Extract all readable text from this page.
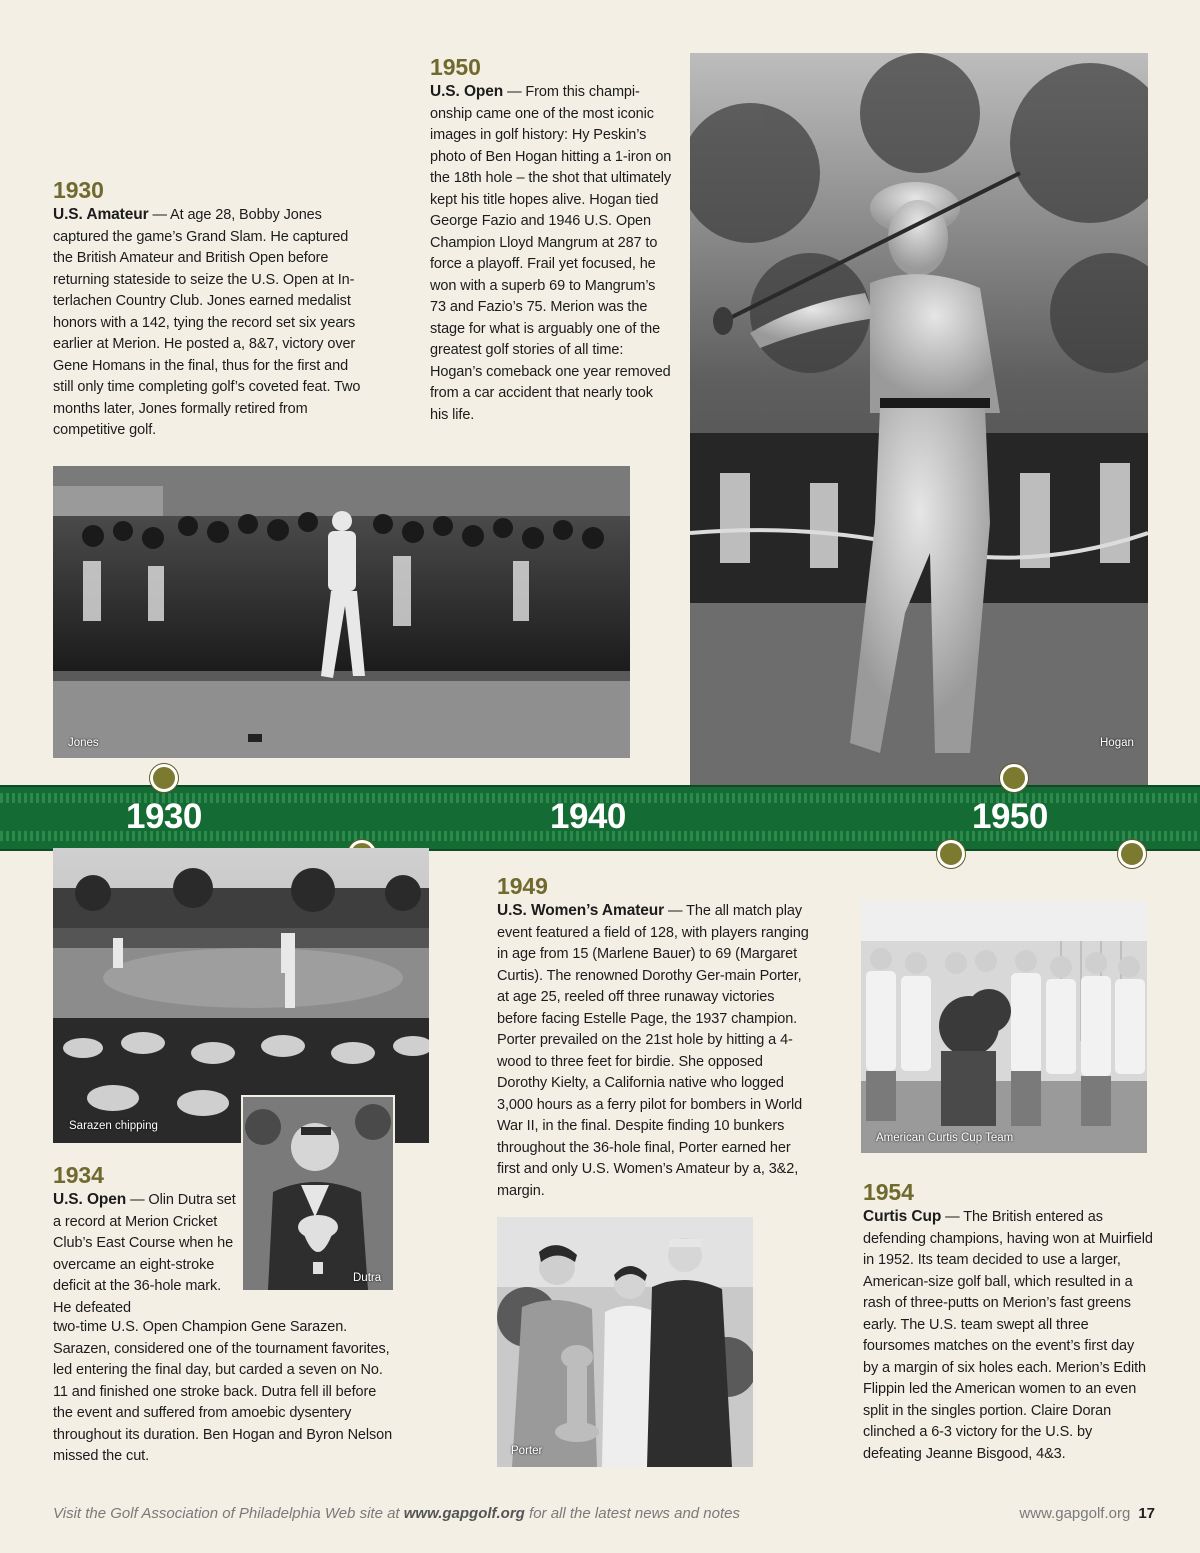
1930
U.S. Amateur — At age 28, Bobby Jones captured the game’s Grand Slam. He captured the British Amateur and British Open before returning stateside to seize the U.S. Open at In-terlachen Country Club. Jones earned medalist honors with a 142, tying the record set six years earlier at Merion. He posted a, 8&7, victory over Gene Homans in the final, thus for the first and still only time completing golf’s coveted feat. Two months later, Jones formally retired from competitive golf.
1950
U.S. Open — From this champi-onship came one of the most iconic images in golf history: Hy Peskin’s photo of Ben Hogan hitting a 1-iron on the 18th hole – the shot that ultimately kept his title hopes alive. Hogan tied George Fazio and 1946 U.S. Open Champion Lloyd Mangrum at 287 to force a playoff. Frail yet focused, he won with a superb 69 to Mangrum’s 73 and Fazio’s 75. Merion was the stage for what is arguably one of the greatest golf stories of all time: Hogan’s comeback one year removed from a car accident that nearly took his life.
Jones	Hogan
1930	1940	1950
Sarazen chipping
Dutra
1934
U.S. Open — Olin Dutra set a record at Merion Cricket Club’s East Course when he overcame an eight-stroke deficit at the 36-hole mark. He defeated
two-time U.S. Open Champion Gene Sarazen. Sarazen, considered one of the tournament favorites, led entering the final day, but carded a seven on No. 11 and finished one stroke back. Dutra fell ill before the event and suffered from amoebic dysentery throughout its duration. Ben Hogan and Byron Nelson missed the cut.
1949
U.S. Women’s Amateur — The all match play event featured a field of 128, with players ranging in age from 15 (Marlene Bauer) to 69 (Margaret Curtis). The renowned Dorothy Ger-main Porter, at age 25, reeled off three runaway victories before facing Estelle Page, the 1937 champion. Porter prevailed on the 21st hole by hitting a 4-wood to three feet for birdie. She opposed Dorothy Kielty, a California native who logged 3,000 hours as a ferry pilot for bombers in World War II, in the final. Despite finding 10 bunkers throughout the 36-hole final, Porter earned her first and only U.S. Women’s Amateur by a, 3&2, margin.
Porter
American Curtis Cup Team
1954
Curtis Cup — The British entered as defending champions, having won at Muirfield in 1952. Its team decided to use a larger, American-size golf ball, which resulted in a rash of three-putts on Merion’s fast greens early. The U.S. team swept all three foursomes matches on the event’s first day by a margin of six holes each. Merion’s Edith Flippin led the American women to an even split in the singles portion. Claire Doran clinched a 6-3 victory for the U.S. by defeating Jeanne Bisgood, 4&3.
Visit the Golf Association of Philadelphia Web site at www.gapgolf.org for all the latest news and notes	www.gapgolf.org 17
